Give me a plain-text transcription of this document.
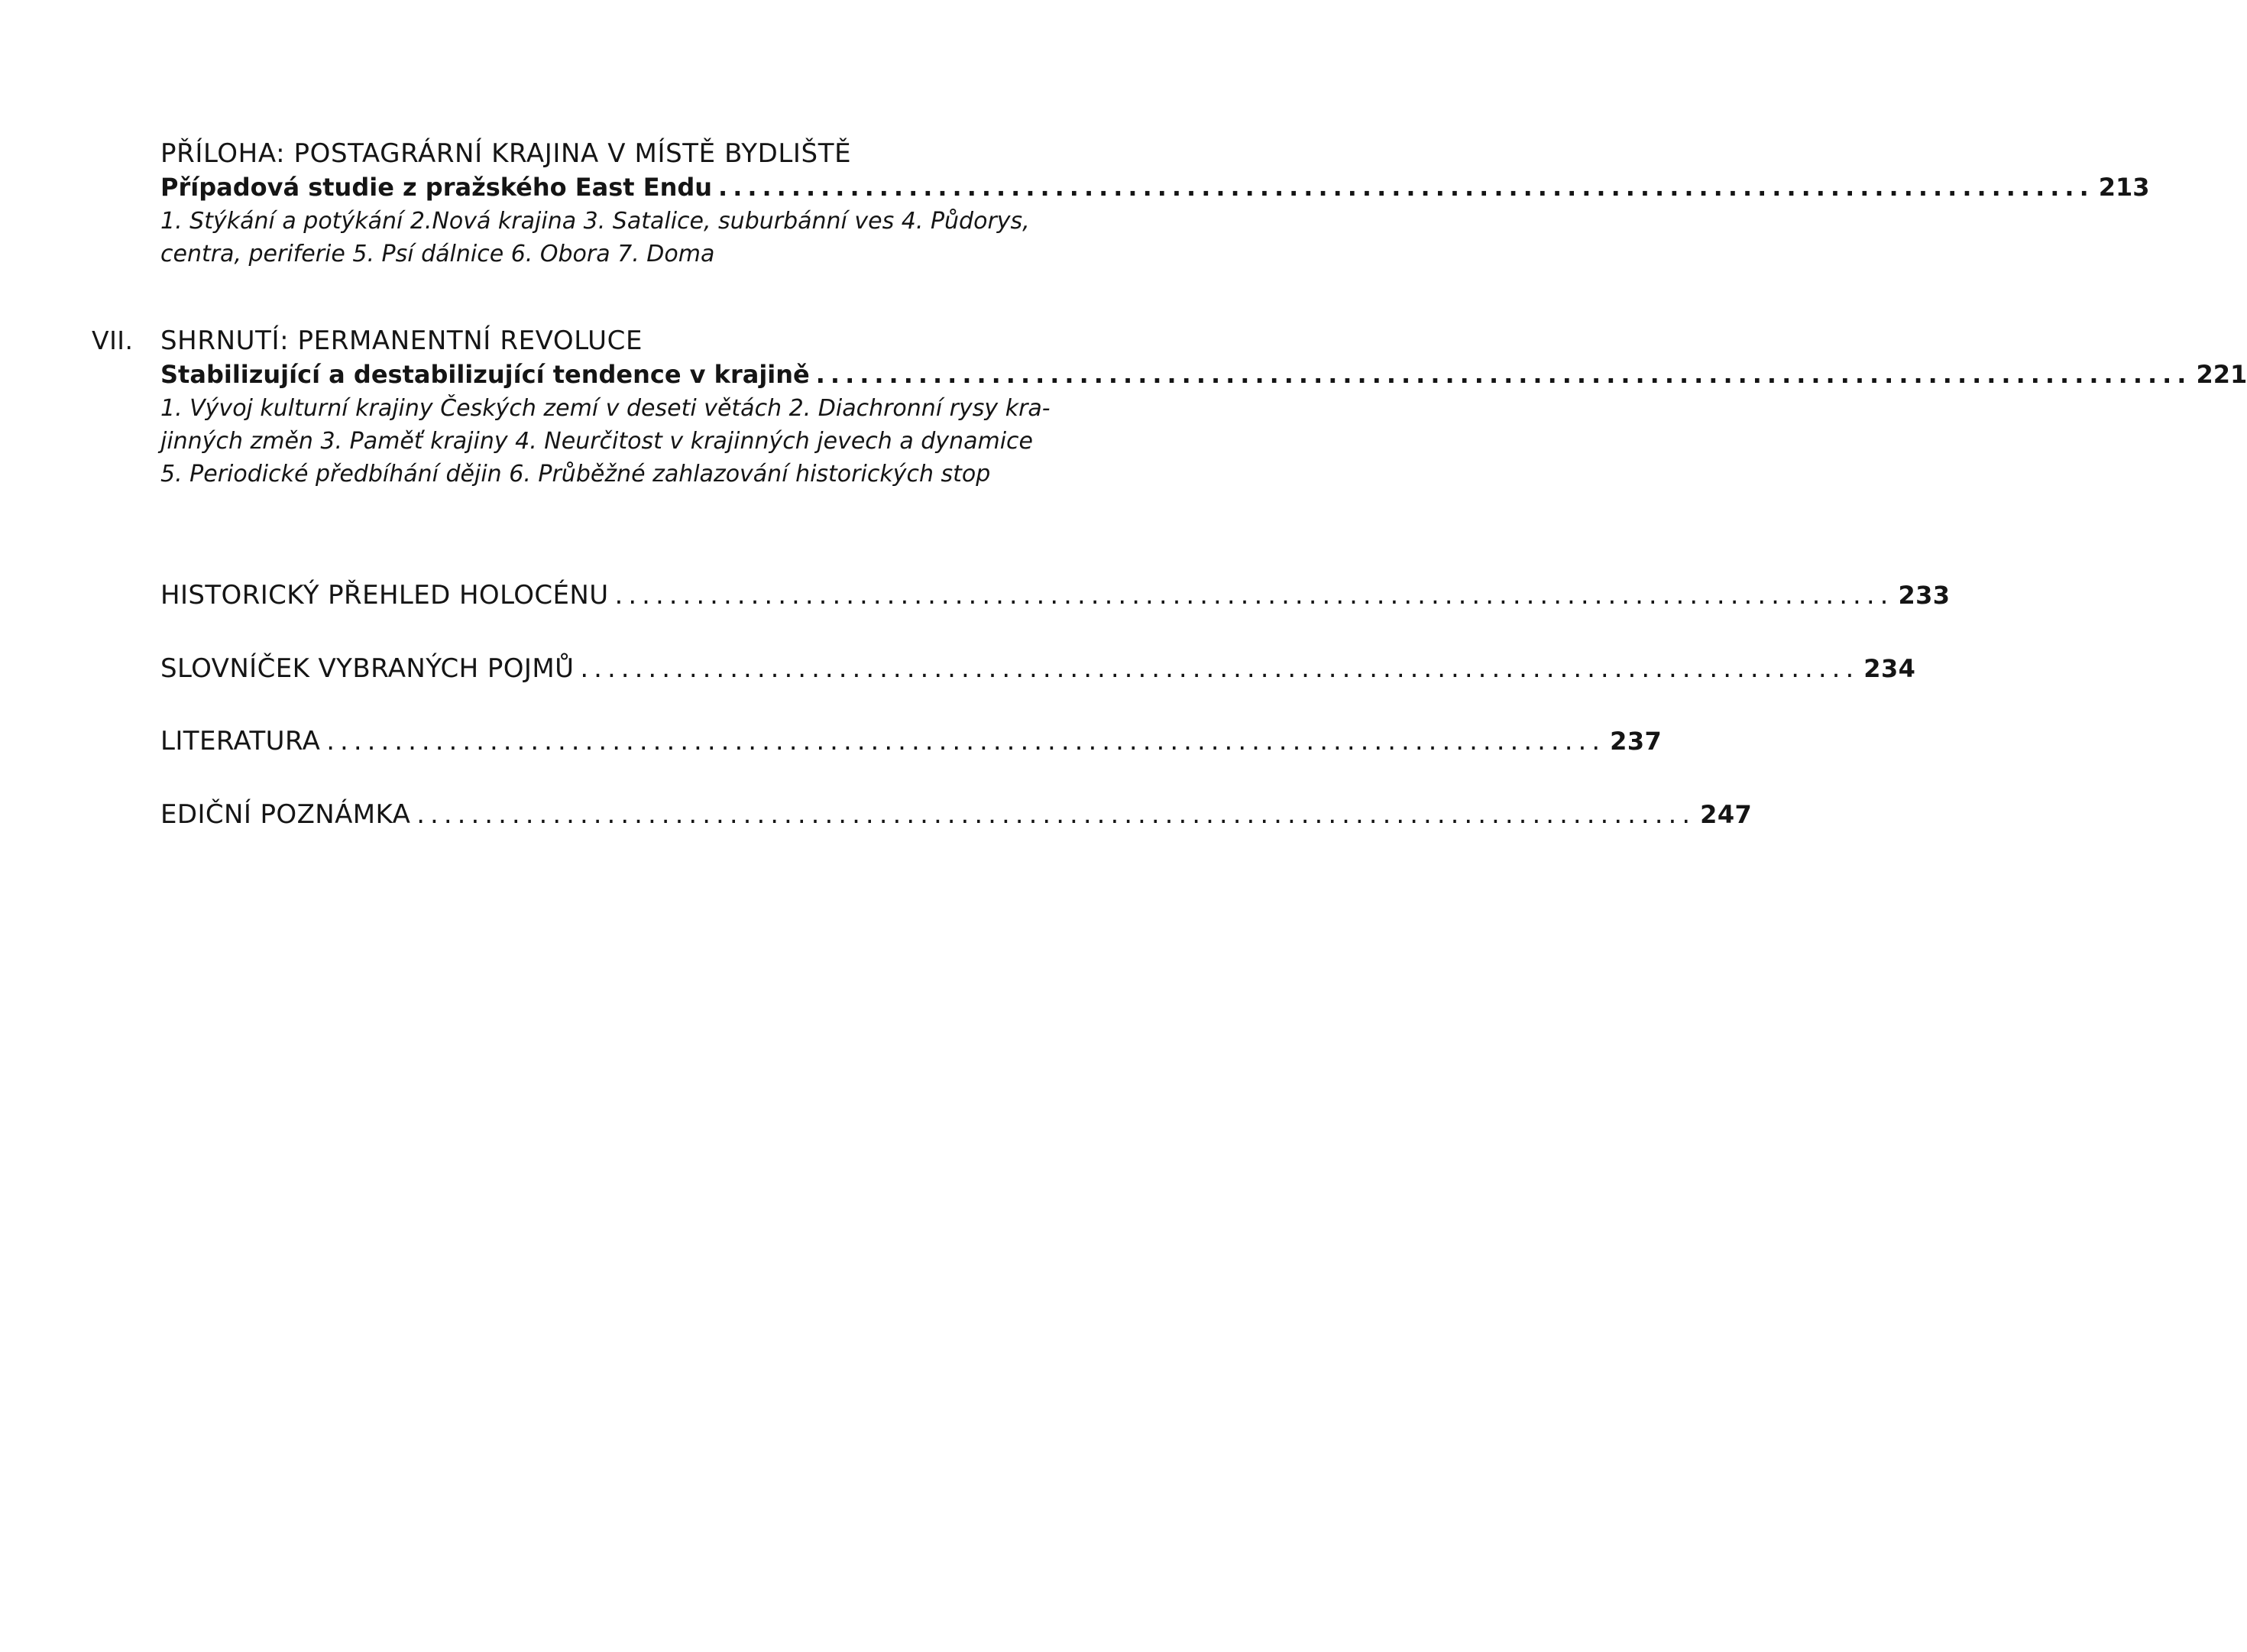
PŘÍLOHA: POSTAGRÁRNÍ KRAJINA V MÍSTĚ BYDLIŠTĚ
Případová studie z pražského East Endu .............................................................................................. 213
1. Stýkání a potýkání 2.Nová krajina 3. Satalice, suburbánní ves 4. Půdorys,
centra, periferie 5. Psí dálnice 6. Obora 7. Doma
VII. SHRNUTÍ: PERMANENTNÍ REVOLUCE
Stabilizující a destabilizující tendence v krajině .............................................................................................. 221
1. Vývoj kulturní krajiny Českých zemí v deseti větách 2. Diachronní rysy kra-
jinných změn 3. Paměť krajiny 4. Neurčitost v krajinných jevech a dynamice
5. Periodické předbíhání dějin 6. Průběžné zahlazování historických stop
HISTORICKÝ PŘEHLED HOLOCÉNU .............................................................................................. 233
SLOVNÍČEK VYBRANÝCH POJMŮ .............................................................................................. 234
LITERATURA .............................................................................................. 237
EDIČNÍ POZNÁMKA .............................................................................................. 247
